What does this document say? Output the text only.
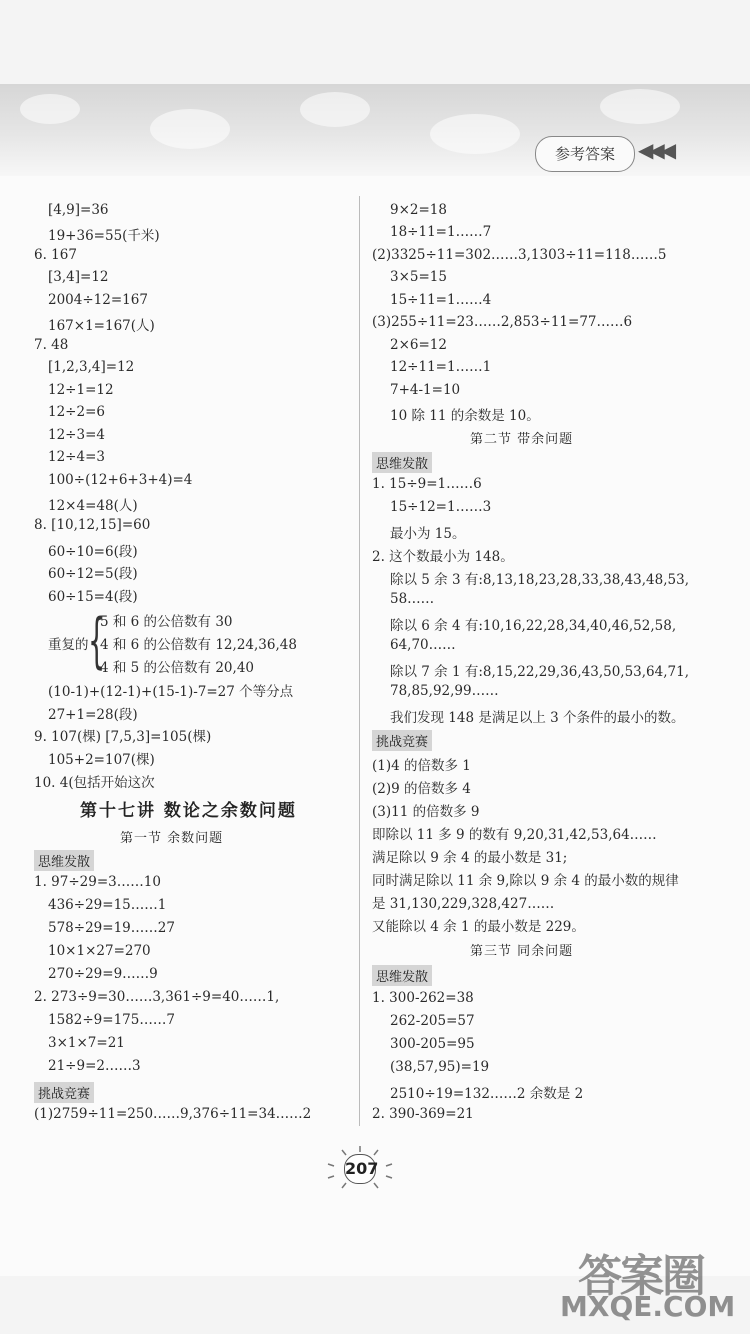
参考答案	◀◀◀
[4,9]=36
19+36=55(千米)
6. 167
[3,4]=12
2004÷12=167
167×1=167(人)
7. 48
[1,2,3,4]=12
12÷1=12
12÷2=6
12÷3=4
12÷4=3
100÷(12+6+3+4)=4
12×4=48(人)
8. [10,12,15]=60
60÷10=6(段)
60÷12=5(段)
60÷15=4(段)
5 和 6 的公倍数有 30
重复的 {
4 和 6 的公倍数有 12,24,36,48
4 和 5 的公倍数有 20,40
(10-1)+(12-1)+(15-1)-7=27 个等分点
27+1=28(段)
9. 107(棵) [7,5,3]=105(棵)
105+2=107(棵)
10. 4(包括开始这次
第十七讲 数论之余数问题
第一节 余数问题
思维发散
1. 97÷29=3……10
436÷29=15……1
578÷29=19……27
10×1×27=270
270÷29=9……9
2. 273÷9=30……3,361÷9=40……1,
1582÷9=175……7
3×1×7=21
21÷9=2……3
挑战竞赛
(1)2759÷11=250……9,376÷11=34……2
9×2=18
18÷11=1……7
(2)3325÷11=302……3,1303÷11=118……5
3×5=15
15÷11=1……4
(3)255÷11=23……2,853÷11=77……6
2×6=12
12÷11=1……1
7+4-1=10
10 除 11 的余数是 10。
第二节 带余问题
思维发散
1. 15÷9=1……6
15÷12=1……3
最小为 15。
2. 这个数最小为 148。
除以 5 余 3 有:8,13,18,23,28,33,38,43,48,53,
58……
除以 6 余 4 有:10,16,22,28,34,40,46,52,58,
64,70……
除以 7 余 1 有:8,15,22,29,36,43,50,53,64,71,
78,85,92,99……
我们发现 148 是满足以上 3 个条件的最小的数。
挑战竞赛
(1)4 的倍数多 1
(2)9 的倍数多 4
(3)11 的倍数多 9
即除以 11 多 9 的数有 9,20,31,42,53,64……
满足除以 9 余 4 的最小数是 31;
同时满足除以 11 余 9,除以 9 余 4 的最小数的规律
是 31,130,229,328,427……
又能除以 4 余 1 的最小数是 229。
第三节 同余问题
思维发散
1. 300-262=38
262-205=57
300-205=95
(38,57,95)=19
2510÷19=132……2 余数是 2
2. 390-369=21
207
答案圈
MXQE.COM
